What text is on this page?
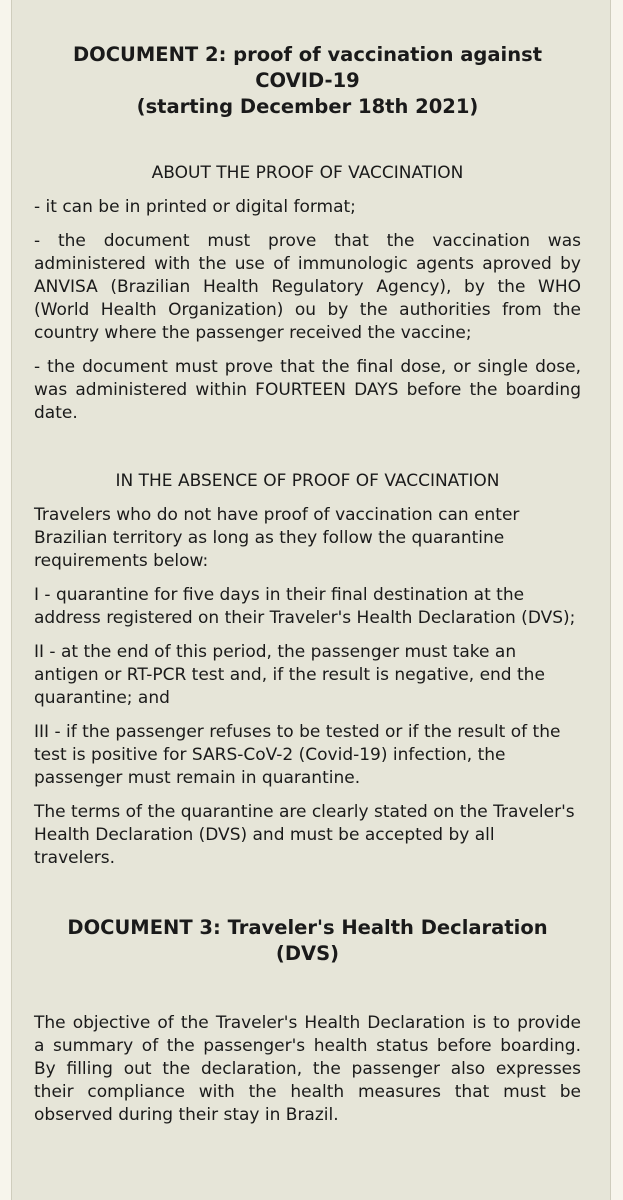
DOCUMENT 2: proof of vaccination against
COVID-19
(starting December 18th 2021)

ABOUT THE PROOF OF VACCINATION

- it can be in printed or digital format;

- the document must prove that the vaccination was administered with the use of immunologic agents aproved by ANVISA (Brazilian Health Regulatory Agency), by the WHO (World Health Organization) ou by the authorities from the country where the passenger received the vaccine;

- the document must prove that the final dose, or single dose, was administered within FOURTEEN DAYS before the boarding date.

IN THE ABSENCE OF PROOF OF VACCINATION

Travelers who do not have proof of vaccination can enter Brazilian territory as long as they follow the quarantine requirements below:

I - quarantine for five days in their final destination at the address registered on their Traveler's Health Declaration (DVS);

II - at the end of this period, the passenger must take an antigen or RT-PCR test and, if the result is negative, end the quarantine; and

III - if the passenger refuses to be tested or if the result of the test is positive for SARS-CoV-2 (Covid-19) infection, the passenger must remain in quarantine.

The terms of the quarantine are clearly stated on the Traveler's Health Declaration (DVS) and must be accepted by all travelers.

DOCUMENT 3: Traveler's Health Declaration
(DVS)

The objective of the Traveler's Health Declaration is to provide a summary of the passenger's health status before boarding. By filling out the declaration, the passenger also expresses their compliance with the health measures that must be observed during their stay in Brazil.
